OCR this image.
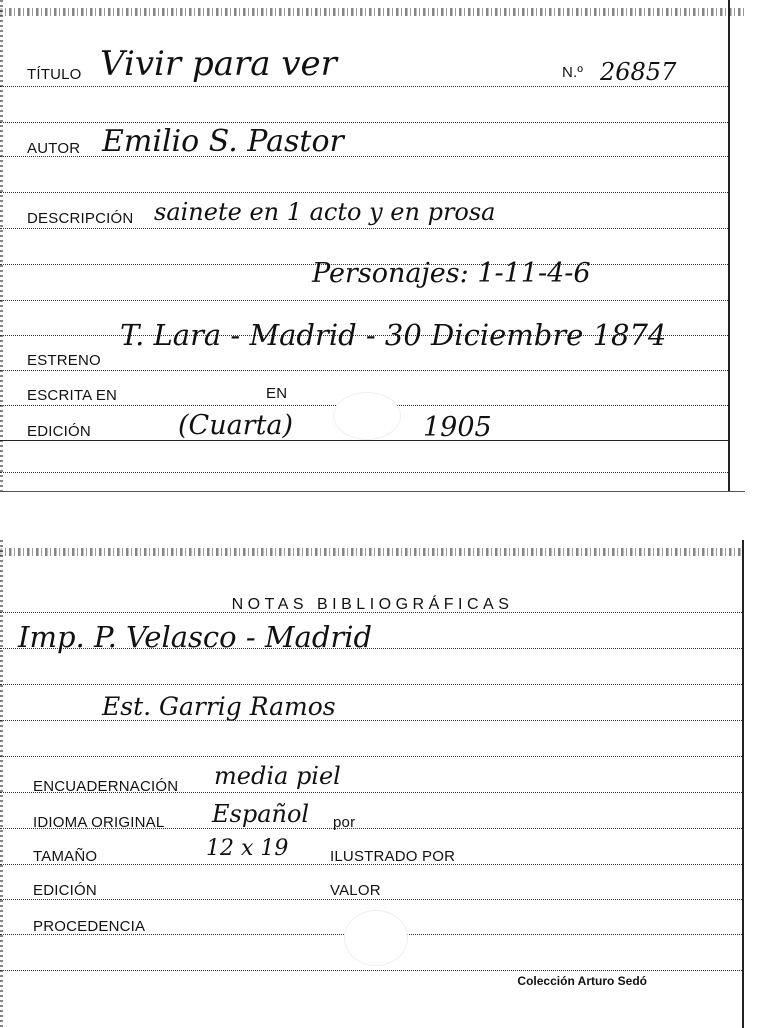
TÍTULO Vivir para ver	N.º 26857
AUTOR Emilio S. Pastor
DESCRIPCIÓN sainete en 1 acto y en prosa
Personajes: 1-11-4-6
ESTRENO
T. Lara - Madrid - 30 Diciembre 1874
ESCRITA EN	EN
EDICIÓN	(Cuarta)	1905
NOTAS BIBLIOGRÁFICAS
Imp. P. Velasco - Madrid
Est. Garrig Ramos
ENCUADERNACIÓN media piel
IDIOMA ORIGINAL Español por
TAMAÑO	12 x 19	ILUSTRADO POR
EDICIÓN	VALOR
PROCEDENCIA
Colección Arturo Sedó
